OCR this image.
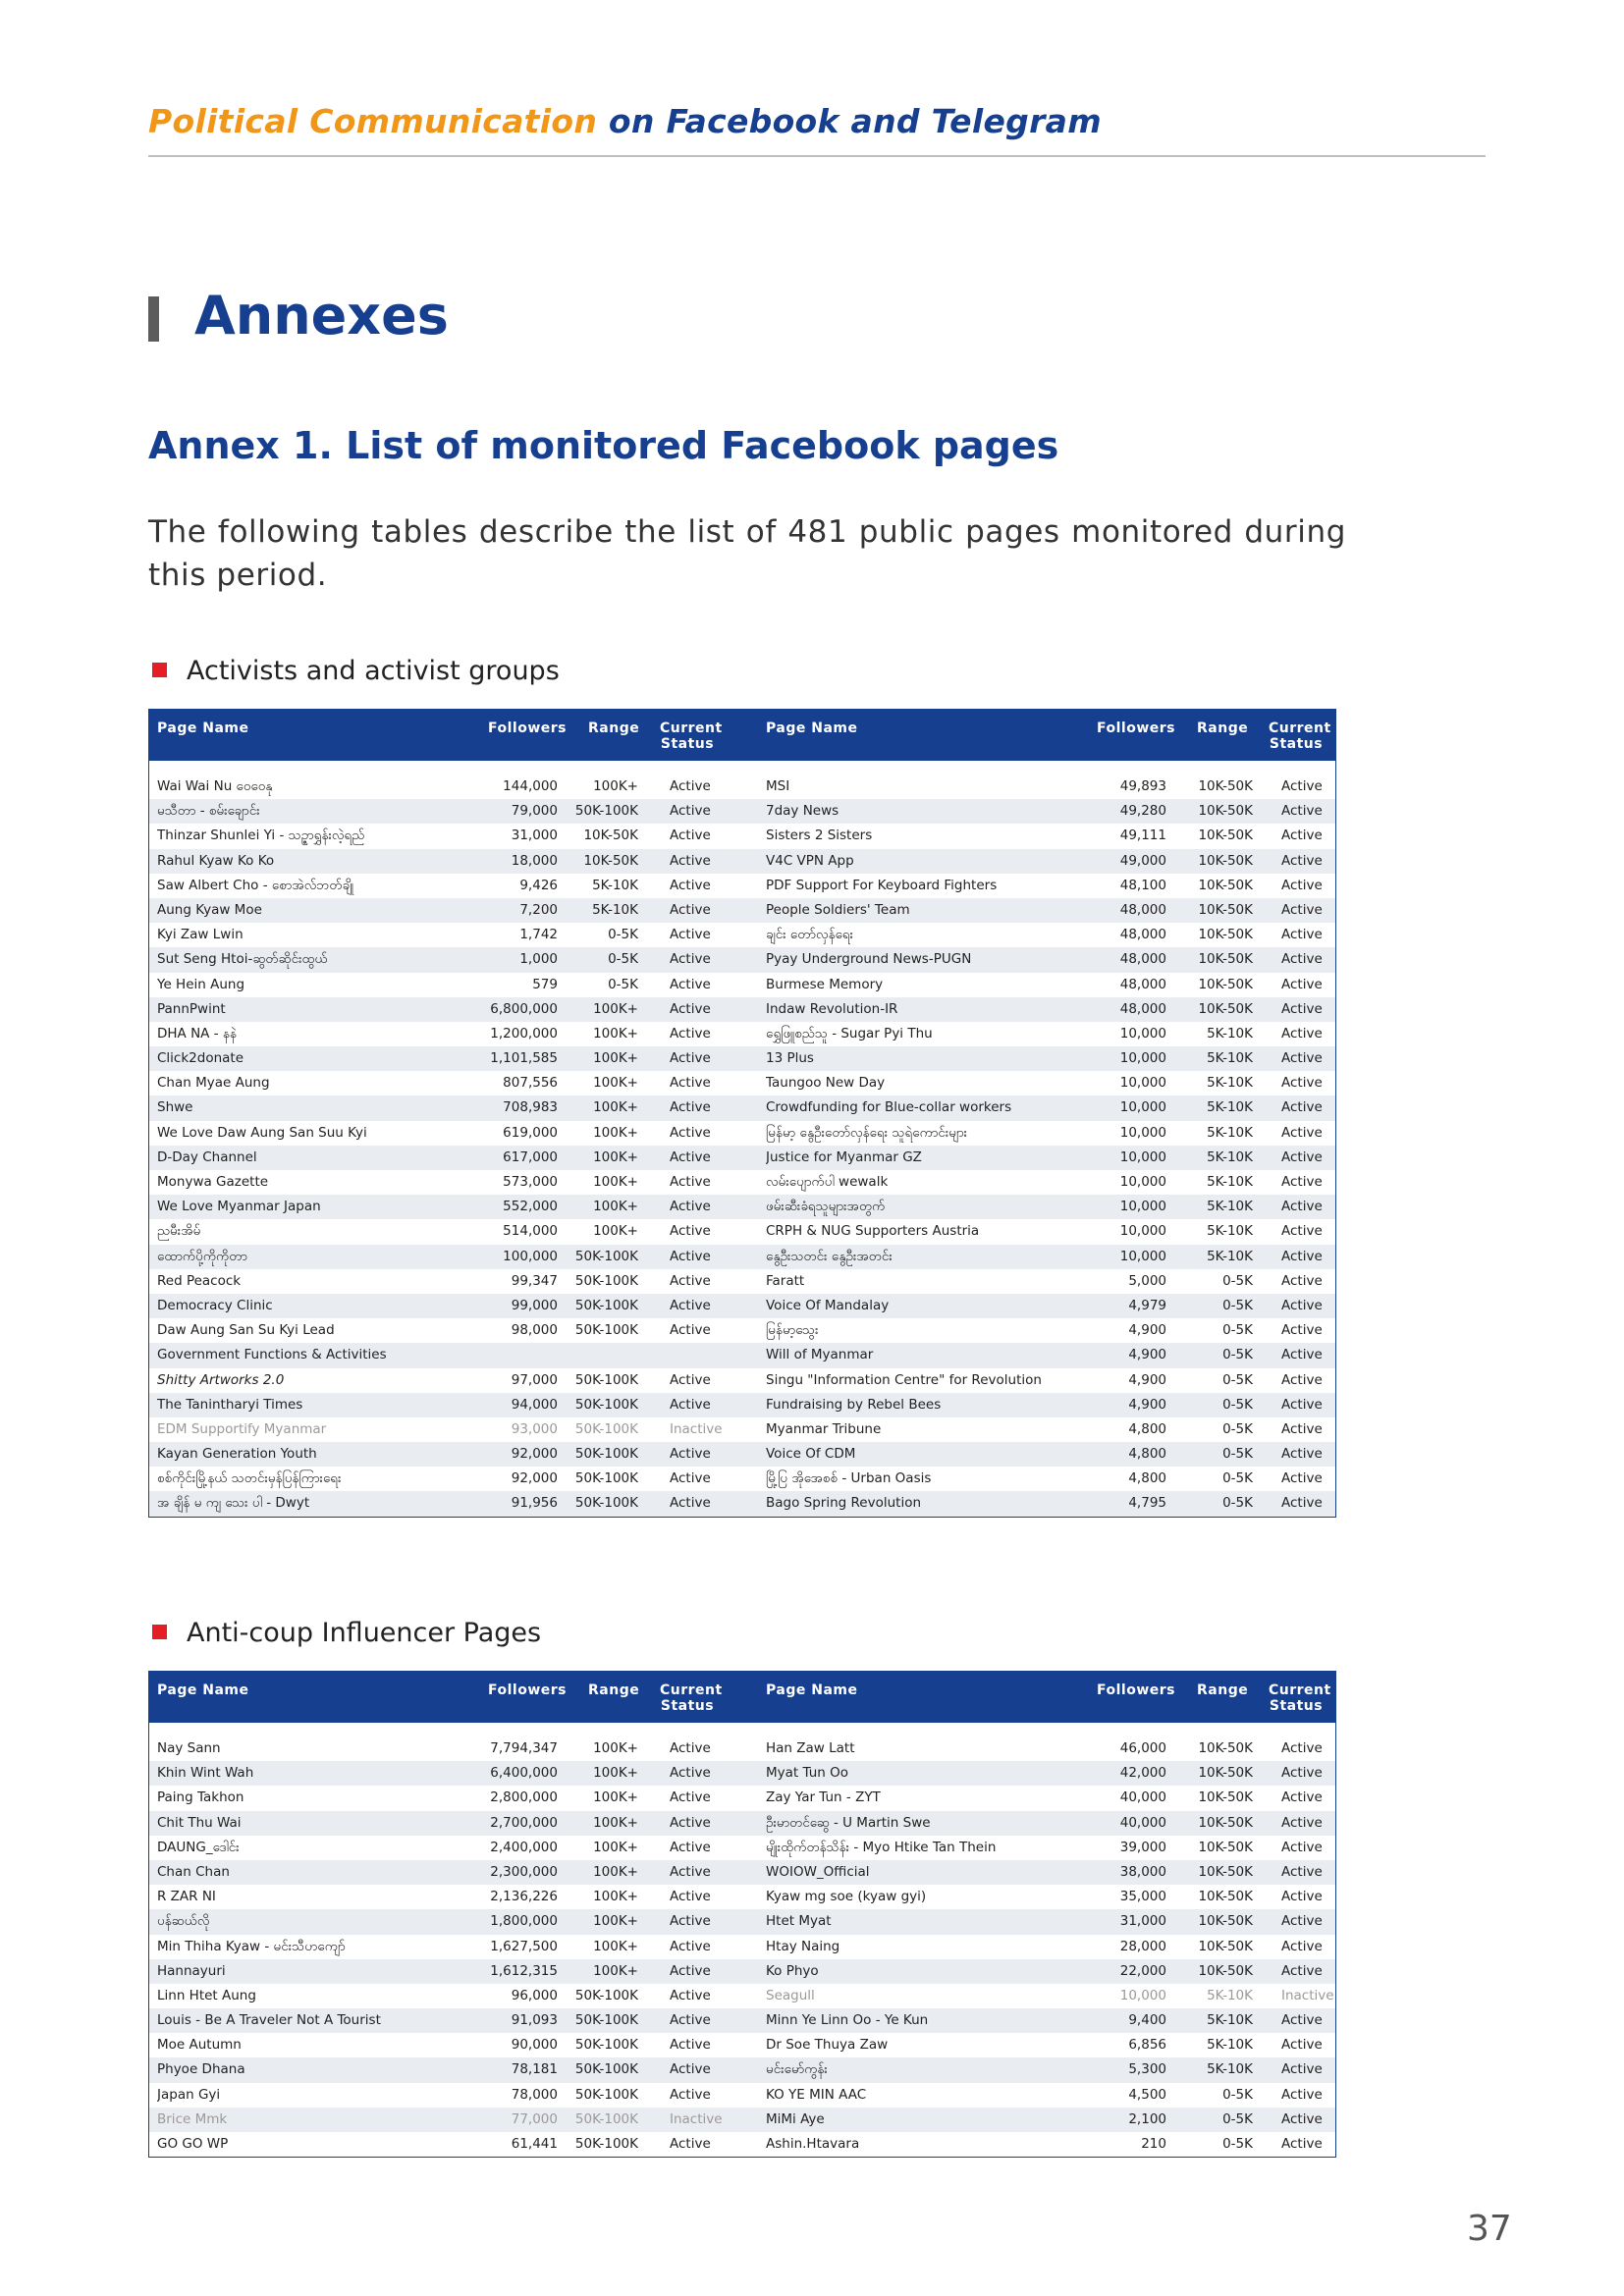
Political Communication on Facebook and Telegram
Annexes
Annex 1. List of monitored Facebook pages
The following tables describe the list of 481 public pages monitored during this period.
Activists and activist groups
Page Name	Followers Range Current
Status
Page Name	Followers Range Current
Status
Wai Wai Nu ဝေဝေနု	144,000	100K+ Active	MSI	49,893 10K-50K Active
မသီတာ - စမ်းချောင်း	79,000 50K-100K Active	7day News	49,280 10K-50K Active
Thinzar Shunlei Yi - သဉ္ဇာရွှန်းလဲ့ရည်	31,000 10K-50K Active	Sisters 2 Sisters	49,111 10K-50K Active
Rahul Kyaw Ko Ko	18,000 10K-50K Active	V4C VPN App	49,000 10K-50K Active
Saw Albert Cho - စောအဲလ်ဘတ်ချို	9,426	5K-10K Active	PDF Support For Keyboard Fighters	48,100 10K-50K Active
Aung Kyaw Moe	7,200	5K-10K Active	People Soldiers' Team	48,000 10K-50K Active
Kyi Zaw Lwin	1,742	0-5K Active	ချင်း တော်လှန်ရေး	48,000 10K-50K Active
Sut Seng Htoi-ဆွတ်ဆိုင်းထွယ်	1,000	0-5K Active	Pyay Underground News-PUGN	48,000 10K-50K Active
Ye Hein Aung	579	0-5K Active	Burmese Memory	48,000 10K-50K Active
PannPwint	6,800,000	100K+ Active	Indaw Revolution-IR	48,000 10K-50K Active
DHA NA - နနဲ	1,200,000	100K+ Active	ရွှေဖြူစည်သူ - Sugar Pyi Thu	10,000	5K-10K Active
Click2donate	1,101,585	100K+ Active	13 Plus	10,000	5K-10K Active
Chan Myae Aung	807,556	100K+ Active	Taungoo New Day	10,000	5K-10K Active
Shwe	708,983	100K+ Active	Crowdfunding for Blue-collar workers	10,000	5K-10K Active
We Love Daw Aung San Suu Kyi	619,000	100K+ Active	မြန်မာ့ နွေဦးတော်လှန်ရေး သူရဲကောင်းများ	10,000	5K-10K Active
D-Day Channel	617,000	100K+ Active	Justice for Myanmar GZ	10,000	5K-10K Active
Monywa Gazette	573,000	100K+ Active	လမ်းပျောက်ပါ wewalk	10,000	5K-10K Active
We Love Myanmar Japan	552,000	100K+ Active	ဖမ်းဆီးခံရသူများအတွက်	10,000	5K-10K Active
ညမီးအိမ်	514,000	100K+ Active	CRPH & NUG Supporters Austria	10,000	5K-10K Active
ထောက်ပို့ကိုကိုတာ	100,000 50K-100K Active	နွေဦးသတင်း နွေဦးအတင်း	10,000	5K-10K Active
Red Peacock	99,347 50K-100K Active	Faratt	5,000	0-5K Active
Democracy Clinic	99,000 50K-100K Active	Voice Of Mandalay	4,979	0-5K Active
Daw Aung San Su Kyi Lead	98,000 50K-100K Active	မြန်မာ့သွေး	4,900	0-5K Active
Government Functions & Activities	Will of Myanmar	4,900	0-5K Active
Shitty Artworks 2.0	97,000 50K-100K Active	Singu "Information Centre" for Revolution	4,900	0-5K Active
The Tanintharyi Times	94,000 50K-100K Active	Fundraising by Rebel Bees	4,900	0-5K Active
EDM Supportify Myanmar	93,000 50K-100K Inactive	Myanmar Tribune	4,800	0-5K Active
Kayan Generation Youth	92,000 50K-100K Active	Voice Of CDM	4,800	0-5K Active
စစ်ကိုင်းမြို့နယ် သတင်းမှန်ပြန်ကြားရေး	92,000 50K-100K Active	မြို့ပြ အိုအေစစ် - Urban Oasis	4,800	0-5K Active
အ ချိန် မ ကျ သေး ပါ - Dwyt	91,956 50K-100K Active	Bago Spring Revolution	4,795	0-5K Active
Anti-coup Influencer Pages
Page Name	Followers Range Current
Status
Page Name	Followers Range Current
Status
Nay Sann	7,794,347	100K+ Active	Han Zaw Latt	46,000 10K-50K Active
Khin Wint Wah	6,400,000	100K+ Active	Myat Tun Oo	42,000 10K-50K Active
Paing Takhon	2,800,000	100K+ Active	Zay Yar Tun - ZYT	40,000 10K-50K Active
Chit Thu Wai	2,700,000	100K+ Active	ဦးမာတင်ဆွေ - U Martin Swe	40,000 10K-50K Active
DAUNG_ဒေါင်း	2,400,000	100K+ Active	မျိုးထိုက်တန်သိန်း - Myo Htike Tan Thein	39,000 10K-50K Active
Chan Chan	2,300,000	100K+ Active	WOIOW_Official	38,000 10K-50K Active
R ZAR NI	2,136,226	100K+ Active	Kyaw mg soe (kyaw gyi)	35,000 10K-50K Active
ပန်ဆယ်လို	1,800,000	100K+ Active	Htet Myat	31,000 10K-50K Active
Min Thiha Kyaw - မင်းသီဟကျော်	1,627,500	100K+ Active	Htay Naing	28,000 10K-50K Active
Hannayuri	1,612,315	100K+ Active	Ko Phyo	22,000 10K-50K Active
Linn Htet Aung	96,000 50K-100K Active	Seagull	10,000	5K-10K Inactive
Louis - Be A Traveler Not A Tourist	91,093 50K-100K Active	Minn Ye Linn Oo - Ye Kun	9,400	5K-10K Active
Moe Autumn	90,000 50K-100K Active	Dr Soe Thuya Zaw	6,856	5K-10K Active
Phyoe Dhana	78,181 50K-100K Active	မင်းမော်ကွန်း	5,300	5K-10K Active
Japan Gyi	78,000 50K-100K Active	KO YE MIN AAC	4,500	0-5K Active
Brice Mmk	77,000 50K-100K Inactive	MiMi Aye	2,100	0-5K Active
GO GO WP	61,441 50K-100K Active	Ashin.Htavara	210	0-5K Active
37
